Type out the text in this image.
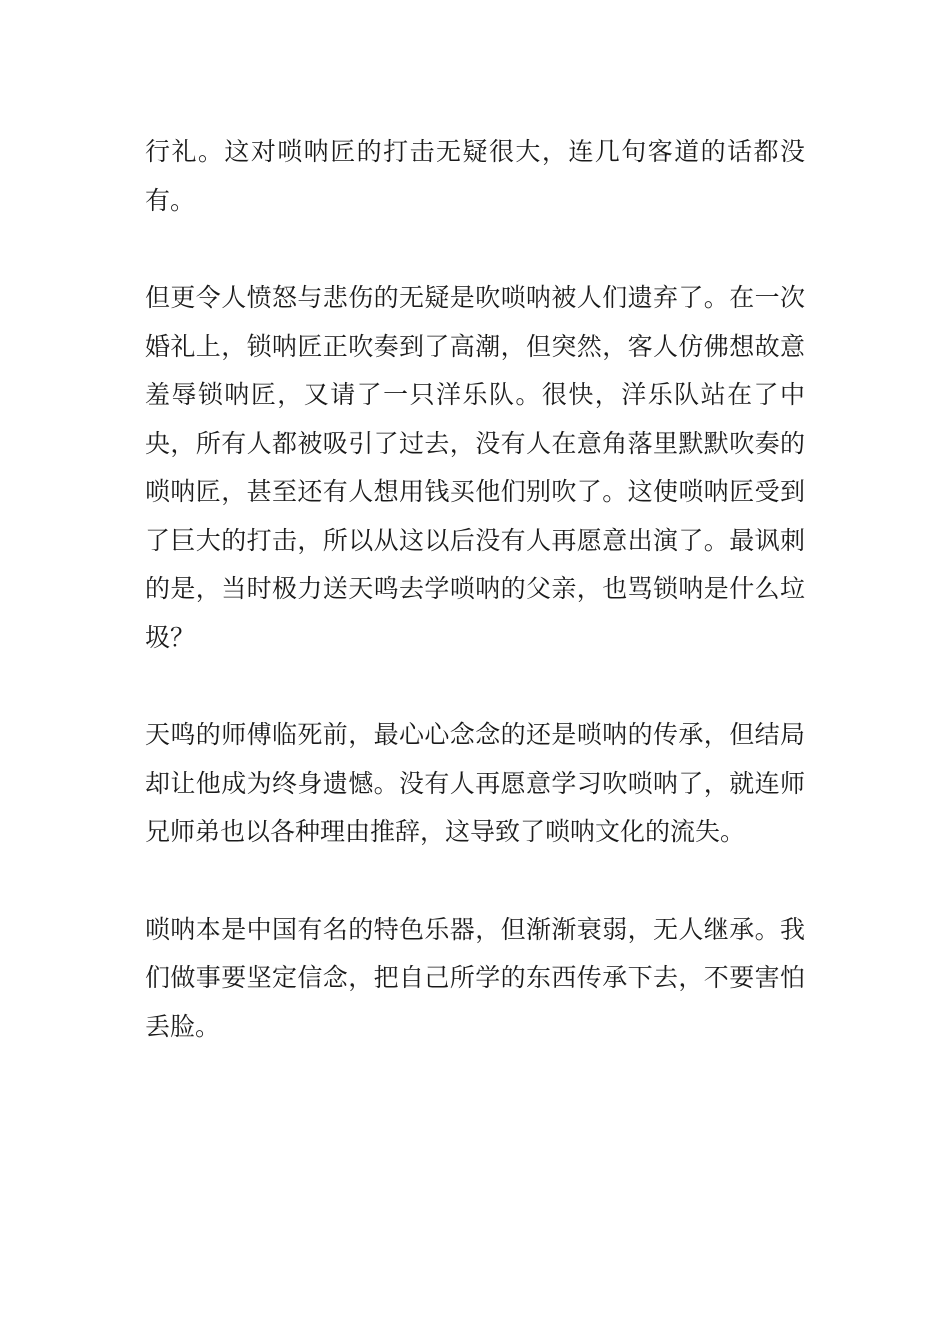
行礼。这对唢呐匠的打击无疑很大，连几句客道的话都没有。

但更令人愤怒与悲伤的无疑是吹唢呐被人们遗弃了。在一次婚礼上，锁呐匠正吹奏到了高潮，但突然，客人仿佛想故意羞辱锁呐匠，又请了一只洋乐队。很快，洋乐队站在了中央，所有人都被吸引了过去，没有人在意角落里默默吹奏的唢呐匠，甚至还有人想用钱买他们别吹了。这使唢呐匠受到了巨大的打击，所以从这以后没有人再愿意出演了。最讽刺的是，当时极力送天鸣去学唢呐的父亲，也骂锁呐是什么垃圾？

天鸣的师傅临死前，最心心念念的还是唢呐的传承，但结局却让他成为终身遗憾。没有人再愿意学习吹唢呐了，就连师兄师弟也以各种理由推辞，这导致了唢呐文化的流失。

唢呐本是中国有名的特色乐器，但渐渐衰弱，无人继承。我们做事要坚定信念，把自己所学的东西传承下去，不要害怕丢脸。
